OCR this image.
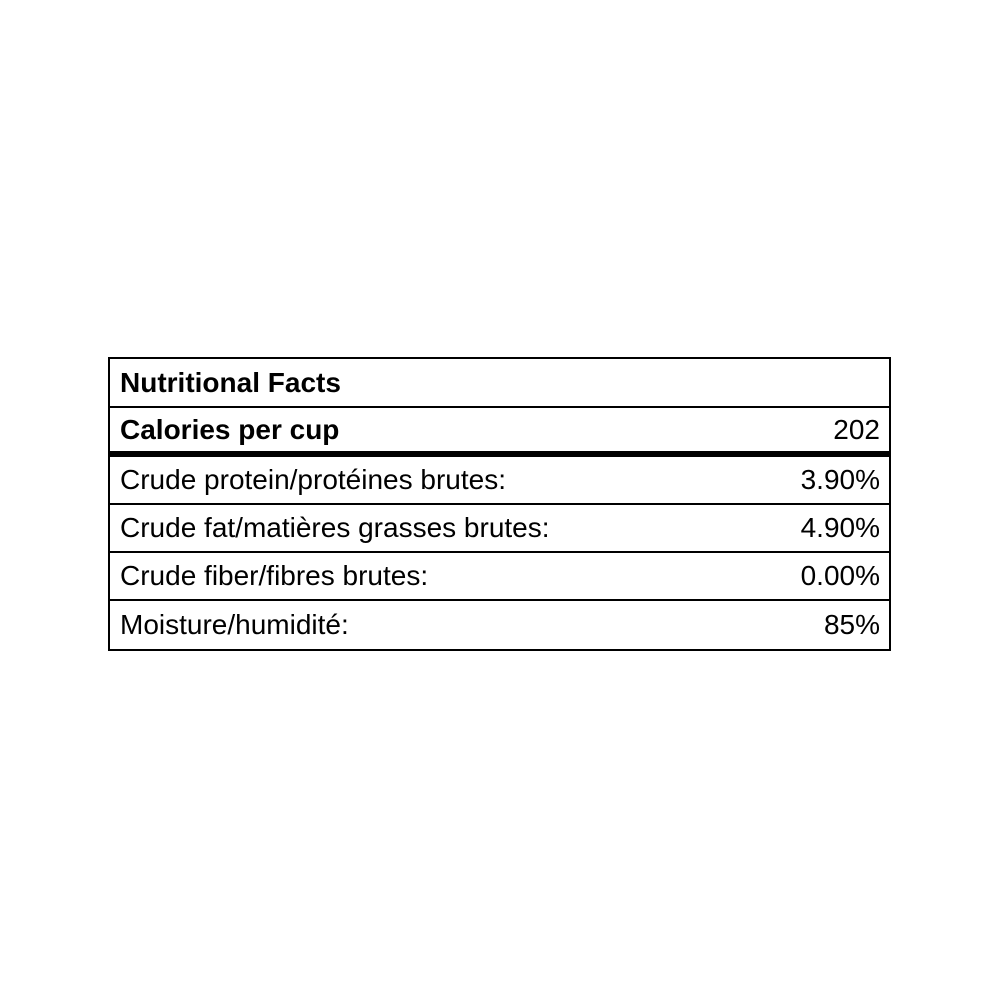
Nutritional Facts
Calories per cup	202
Crude protein/protéines brutes:	3.90%
Crude fat/matières grasses brutes:	4.90%
Crude fiber/fibres brutes:	0.00%
Moisture/humidité:	85%
